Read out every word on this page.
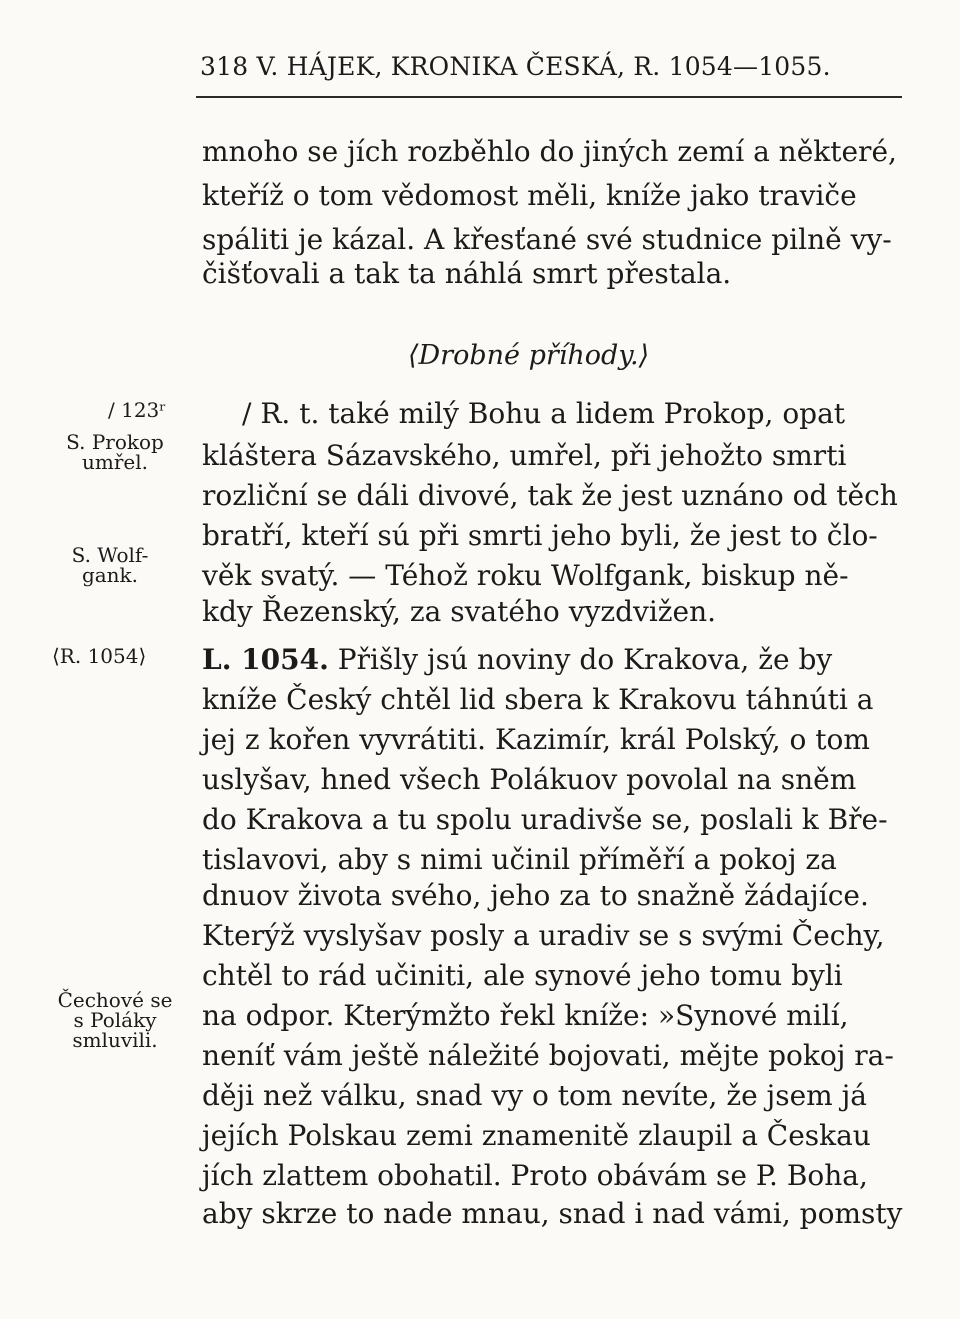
318 V. HÁJEK, KRONIKA ČESKÁ, R. 1054—1055.
mnoho se jích rozběhlo do jiných zemí a některé,
kteříž o tom vědomost měli, kníže jako traviče
spáliti je kázal. A křesťané své studnice pilně vy-
čišťovali a tak ta náhlá smrt přestala.
⟨Drobné příhody.⟩
/ 123ʳ
S. Prokop
umřel.
S. Wolf-
gank.
⟨R. 1054⟩
Čechové se
s Poláky
smluvili.
/ R. t. také milý Bohu a lidem Prokop, opat
kláštera Sázavského, umřel, při jehožto smrti
rozliční se dáli divové, tak že jest uznáno od těch
bratří, kteří sú při smrti jeho byli, že jest to člo-
věk svatý. — Téhož roku Wolfgank, biskup ně-
kdy Řezenský, za svatého vyzdvižen.
L. 1054. Přišly jsú noviny do Krakova, že by
kníže Český chtěl lid sbera k Krakovu táhnúti a
jej z kořen vyvrátiti. Kazimír, král Polský, o tom
uslyšav, hned všech Polákuov povolal na sněm
do Krakova a tu spolu uradivše se, poslali k Bře-
tislavovi, aby s nimi učinil příměří a pokoj za
dnuov života svého, jeho za to snažně žádajíce.
Kterýž vyslyšav posly a uradiv se s svými Čechy,
chtěl to rád učiniti, ale synové jeho tomu byli
na odpor. Kterýmžto řekl kníže: »Synové milí,
neníť vám ještě náležité bojovati, mějte pokoj ra-
ději než válku, snad vy o tom nevíte, že jsem já
jejích Polskau zemi znamenitě zlaupil a Českau
jích zlattem obohatil. Proto obávám se P. Boha,
aby skrze to nade mnau, snad i nad vámi, pomsty
